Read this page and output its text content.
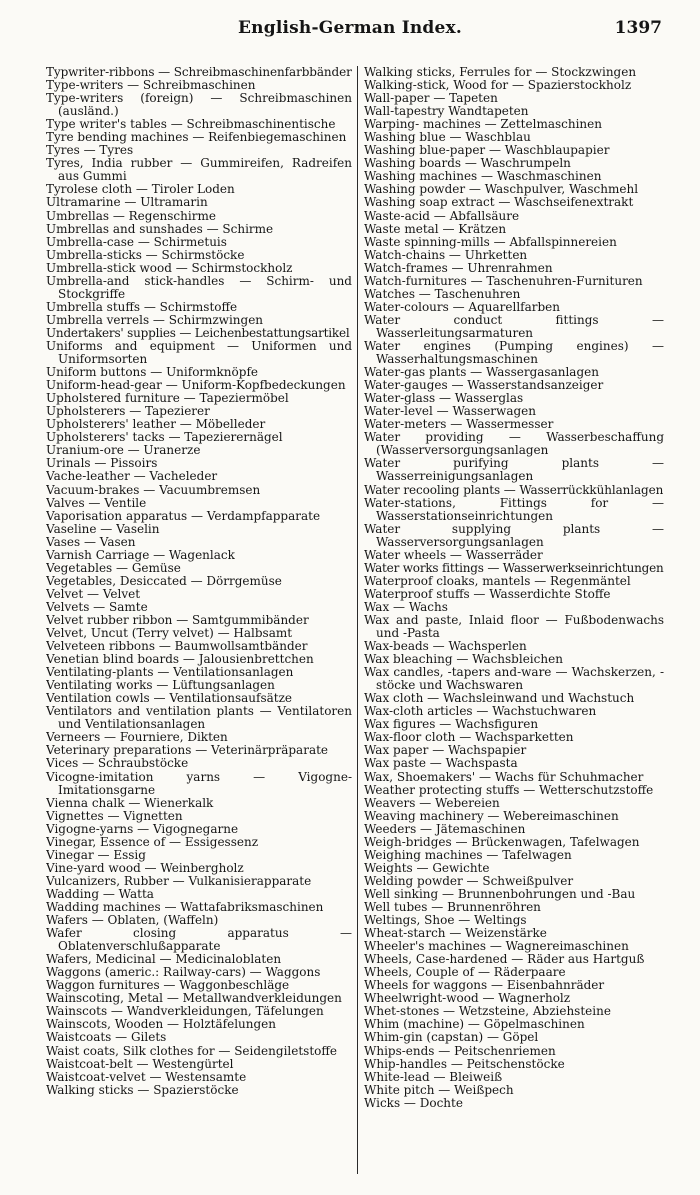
English-German Index.	1397
Typwriter-ribbons — Schreibmaschinenfarbbänder
Type-writers — Schreibmaschinen
Type-writers (foreign) — Schreibmaschinen (ausländ.)
Type writer's tables — Schreibmaschinentische
Tyre bending machines — Reifenbiegemaschinen
Tyres — Tyres
Tyres, India rubber — Gummireifen, Radreifen aus Gummi
Tyrolese cloth — Tiroler Loden
Ultramarine — Ultramarin
Umbrellas — Regenschirme
Umbrellas and sunshades — Schirme
Umbrella-case — Schirmetuis
Umbrella-sticks — Schirmstöcke
Umbrella-stick wood — Schirmstockholz
Umbrella-and stick-handles — Schirm- und Stockgriffe
Umbrella stuffs — Schirmstoffe
Umbrella verrels — Schirmzwingen
Undertakers' supplies — Leichenbestattungsartikel
Uniforms and equipment — Uniformen und Uniformsorten
Uniform buttons — Uniformknöpfe
Uniform-head-gear — Uniform-Kopfbedeckungen
Upholstered furniture — Tapeziermöbel
Upholsterers — Tapezierer
Upholsterers' leather — Möbelleder
Upholsterers' tacks — Tapezierernägel
Uranium-ore — Uranerze
Urinals — Pissoirs
Vache-leather — Vacheleder
Vacuum-brakes — Vacuumbremsen
Valves — Ventile
Vaporisation apparatus — Verdampfapparate
Vaseline — Vaselin
Vases — Vasen
Varnish Carriage — Wagenlack
Vegetables — Gemüse
Vegetables, Desiccated — Dörrgemüse
Velvet — Velvet
Velvets — Samte
Velvet rubber ribbon — Samtgummibänder
Velvet, Uncut (Terry velvet) — Halbsamt
Velveteen ribbons — Baumwollsamtbänder
Venetian blind boards — Jalousienbrettchen
Ventilating-plants — Ventilationsanlagen
Ventilating works — Lüftungsanlagen
Ventilation cowls — Ventilationsaufsätze
Ventilators and ventilation plants — Ventilatoren und Ventilationsanlagen
Verneers — Fourniere, Dikten
Veterinary preparations — Veterinärpräparate
Vices — Schraubstöcke
Vicogne-imitation yarns — Vigogne-Imitationsgarne
Vienna chalk — Wienerkalk
Vignettes — Vignetten
Vigogne-yarns — Vigognegarne
Vinegar, Essence of — Essigessenz
Vinegar — Essig
Vine-yard wood — Weinbergholz
Vulcanizers, Rubber — Vulkanisierapparate
Wadding — Watta
Wadding machines — Wattafabriksmaschinen
Wafers — Oblaten, (Waffeln)
Wafer closing apparatus — Oblatenverschlußapparate
Wafers, Medicinal — Medicinaloblaten
Waggons (americ.: Railway-cars) — Waggons
Waggon furnitures — Waggonbeschläge
Wainscoting, Metal — Metallwandverkleidungen
Wainscots — Wandverkleidungen, Täfelungen
Wainscots, Wooden — Holztäfelungen
Waistcoats — Gilets
Waist coats, Silk clothes for — Seidengiletstoffe
Waistcoat-belt — Westengürtel
Waistcoat-velvet — Westensamte
Walking sticks — Spazierstöcke
Walking sticks, Ferrules for — Stockzwingen
Walking-stick, Wood for — Spazierstockholz
Wall-paper — Tapeten
Wall-tapestry Wandtapeten
Warping- machines — Zettelmaschinen
Washing blue — Waschblau
Washing blue-paper — Waschblaupapier
Washing boards — Waschrumpeln
Washing machines — Waschmaschinen
Washing powder — Waschpulver, Waschmehl
Washing soap extract — Waschseifenextrakt
Waste-acid — Abfallsäure
Waste metal — Krätzen
Waste spinning-mills — Abfallspinnereien
Watch-chains — Uhrketten
Watch-frames — Uhrenrahmen
Watch-furnitures — Taschenuhren-Furnituren
Watches — Taschenuhren
Water-colours — Aquarellfarben
Water conduct fittings — Wasserleitungsarmaturen
Water engines (Pumping engines) — Wasserhaltungsmaschinen
Water-gas plants — Wassergasanlagen
Water-gauges — Wasserstandsanzeiger
Water-glass — Wasserglas
Water-level — Wasserwagen
Water-meters — Wassermesser
Water providing — Wasserbeschaffung (Wasserversorgungsanlagen
Water purifying plants — Wasserreinigungsanlagen
Water recooling plants — Wasserrückkühlanlagen
Water-stations, Fittings for — Wasserstationseinrichtungen
Water supplying plants — Wasserversorgungsanlagen
Water wheels — Wasserräder
Water works fittings — Wasserwerkseinrichtungen
Waterproof cloaks, mantels — Regenmäntel
Waterproof stuffs — Wasserdichte Stoffe
Wax — Wachs
Wax and paste, Inlaid floor — Fußbodenwachs und -Pasta
Wax-beads — Wachsperlen
Wax bleaching — Wachsbleichen
Wax candles, -tapers and-ware — Wachskerzen, -stöcke und Wachswaren
Wax cloth — Wachsleinwand und Wachstuch
Wax-cloth articles — Wachstuchwaren
Wax figures — Wachsfiguren
Wax-floor cloth — Wachsparketten
Wax paper — Wachspapier
Wax paste — Wachspasta
Wax, Shoemakers' — Wachs für Schuhmacher
Weather protecting stuffs — Wetterschutzstoffe
Weavers — Webereien
Weaving machinery — Webereimaschinen
Weeders — Jätemaschinen
Weigh-bridges — Brückenwagen, Tafelwagen
Weighing machines — Tafelwagen
Weights — Gewichte
Welding powder — Schweißpulver
Well sinking — Brunnenbohrungen und -Bau
Well tubes — Brunnenröhren
Weltings, Shoe — Weltings
Wheat-starch — Weizenstärke
Wheeler's machines — Wagnereimaschinen
Wheels, Case-hardened — Räder aus Hartguß
Wheels, Couple of — Räderpaare
Wheels for waggons — Eisenbahnräder
Wheelwright-wood — Wagnerholz
Whet-stones — Wetzsteine, Abziehsteine
Whim (machine) — Göpelmaschinen
Whim-gin (capstan) — Göpel
Whips-ends — Peitschenriemen
Whip-handles — Peitschenstöcke
White-lead — Bleiweiß
White pitch — Weißpech
Wicks — Dochte
